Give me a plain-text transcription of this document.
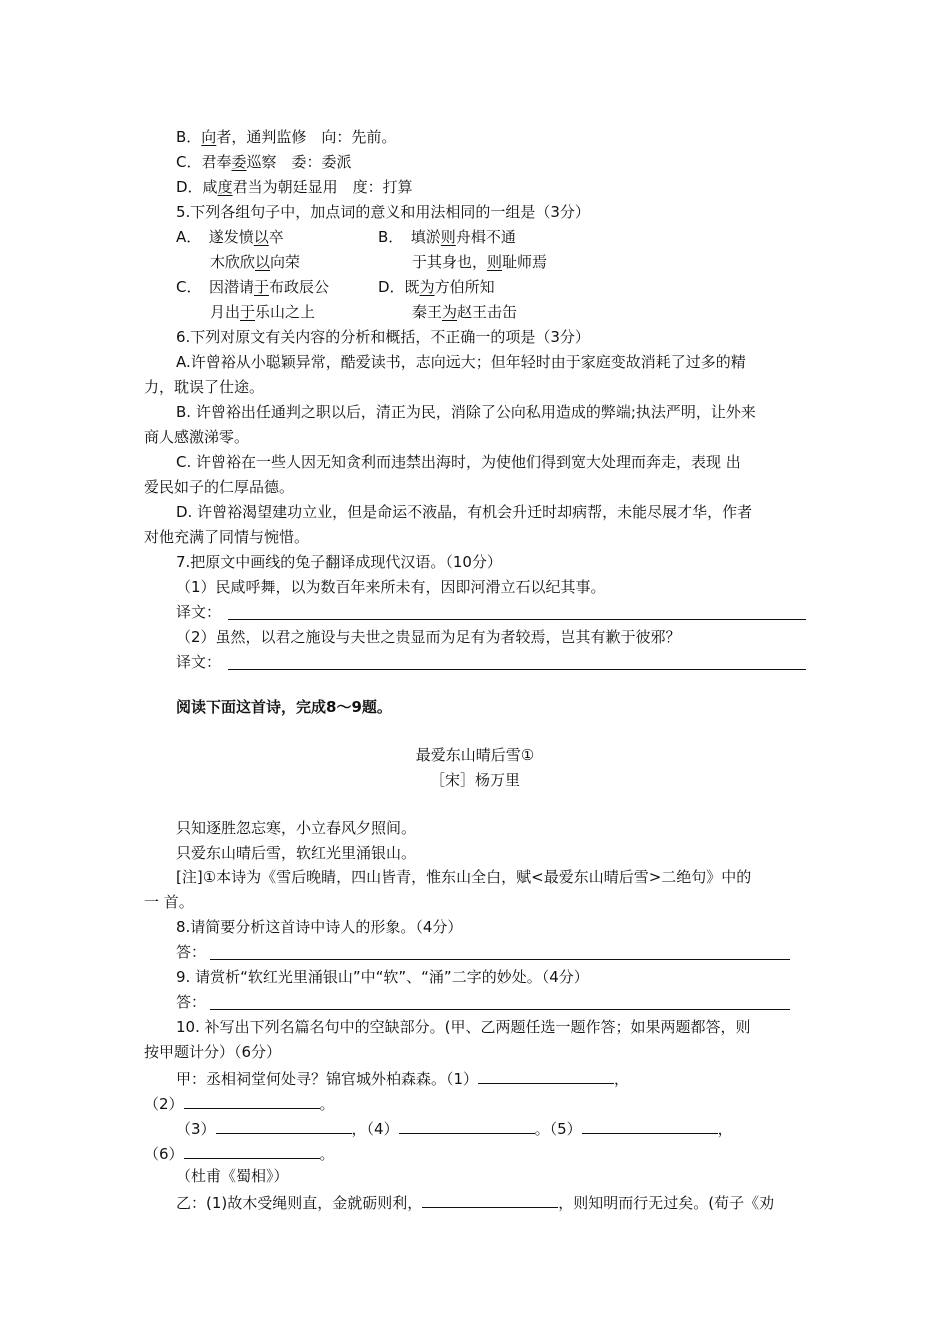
B．向者，通判监修　向：先前。
C．君奉委巡察　委：委派
D．咸度君当为朝廷显用　度：打算
5.下列各组句子中，加点词的意义和用法相同的一组是（3分）
A．　遂发愤以卒	B．　填淤则舟楫不通
木欣欣以向荣	于其身也，则耻师焉
C．　因潜请于布政辰公	D．既为方伯所知
月出于乐山之上	秦王为赵王击缶
6.下列对原文有关内容的分析和概括，不正确一的项是（3分）
A.许曾裕从小聪颖异常，酷爱读书，志向远大；但年轻时由于家庭变故消耗了过多的精
力，耽误了仕途。
B. 许曾裕出任通判之职以后，清正为民，消除了公向私用造成的弊端;执法严明，让外来
商人感激涕零。
C. 许曾裕在一些人因无知贪利而违禁出海时，为使他们得到宽大处理而奔走，表现 出
爱民如子的仁厚品德。
D. 许曾裕渴望建功立业，但是命运不液晶，有机会升迁时却病帮，未能尽展才华，作者
对他充满了同情与惋惜。
7.把原文中画线的兔子翻译成现代汉语。（10分）
（1）民咸呼舞，以为数百年来所未有，因即河滑立石以纪其事。
译文：
（2）虽然，以君之施设与夫世之贵显而为足有为者较焉，岂其有歉于彼邪？
译文：
阅读下面这首诗，完成8～9题。
最爱东山晴后雪①
［宋］杨万里
只知逐胜忽忘寒，小立春风夕照间。
只爱东山晴后雪，软红光里涌银山。
[注]①本诗为《雪后晚睛，四山皆青，惟东山全白，赋<最爱东山晴后雪>二绝句》中的
一 首。
8.请简要分析这首诗中诗人的形象。（4分）
答：
9. 请赏析“软红光里涌银山”中“软”、“涌”二字的妙处。（4分）
答：
10. 补写出下列名篇名句中的空缺部分。(甲、乙两题任选一题作答；如果两题都答，则
按甲题计分）（6分）
甲：丞相祠堂何处寻？锦官城外柏森森。（1）	，
（2）	。
（3）	，（4）	。（5）	，
（6）	。
（杜甫《蜀相》）
乙：(1)故木受绳则直，金就砺则利，	，则知明而行无过矣。(荀子《劝
